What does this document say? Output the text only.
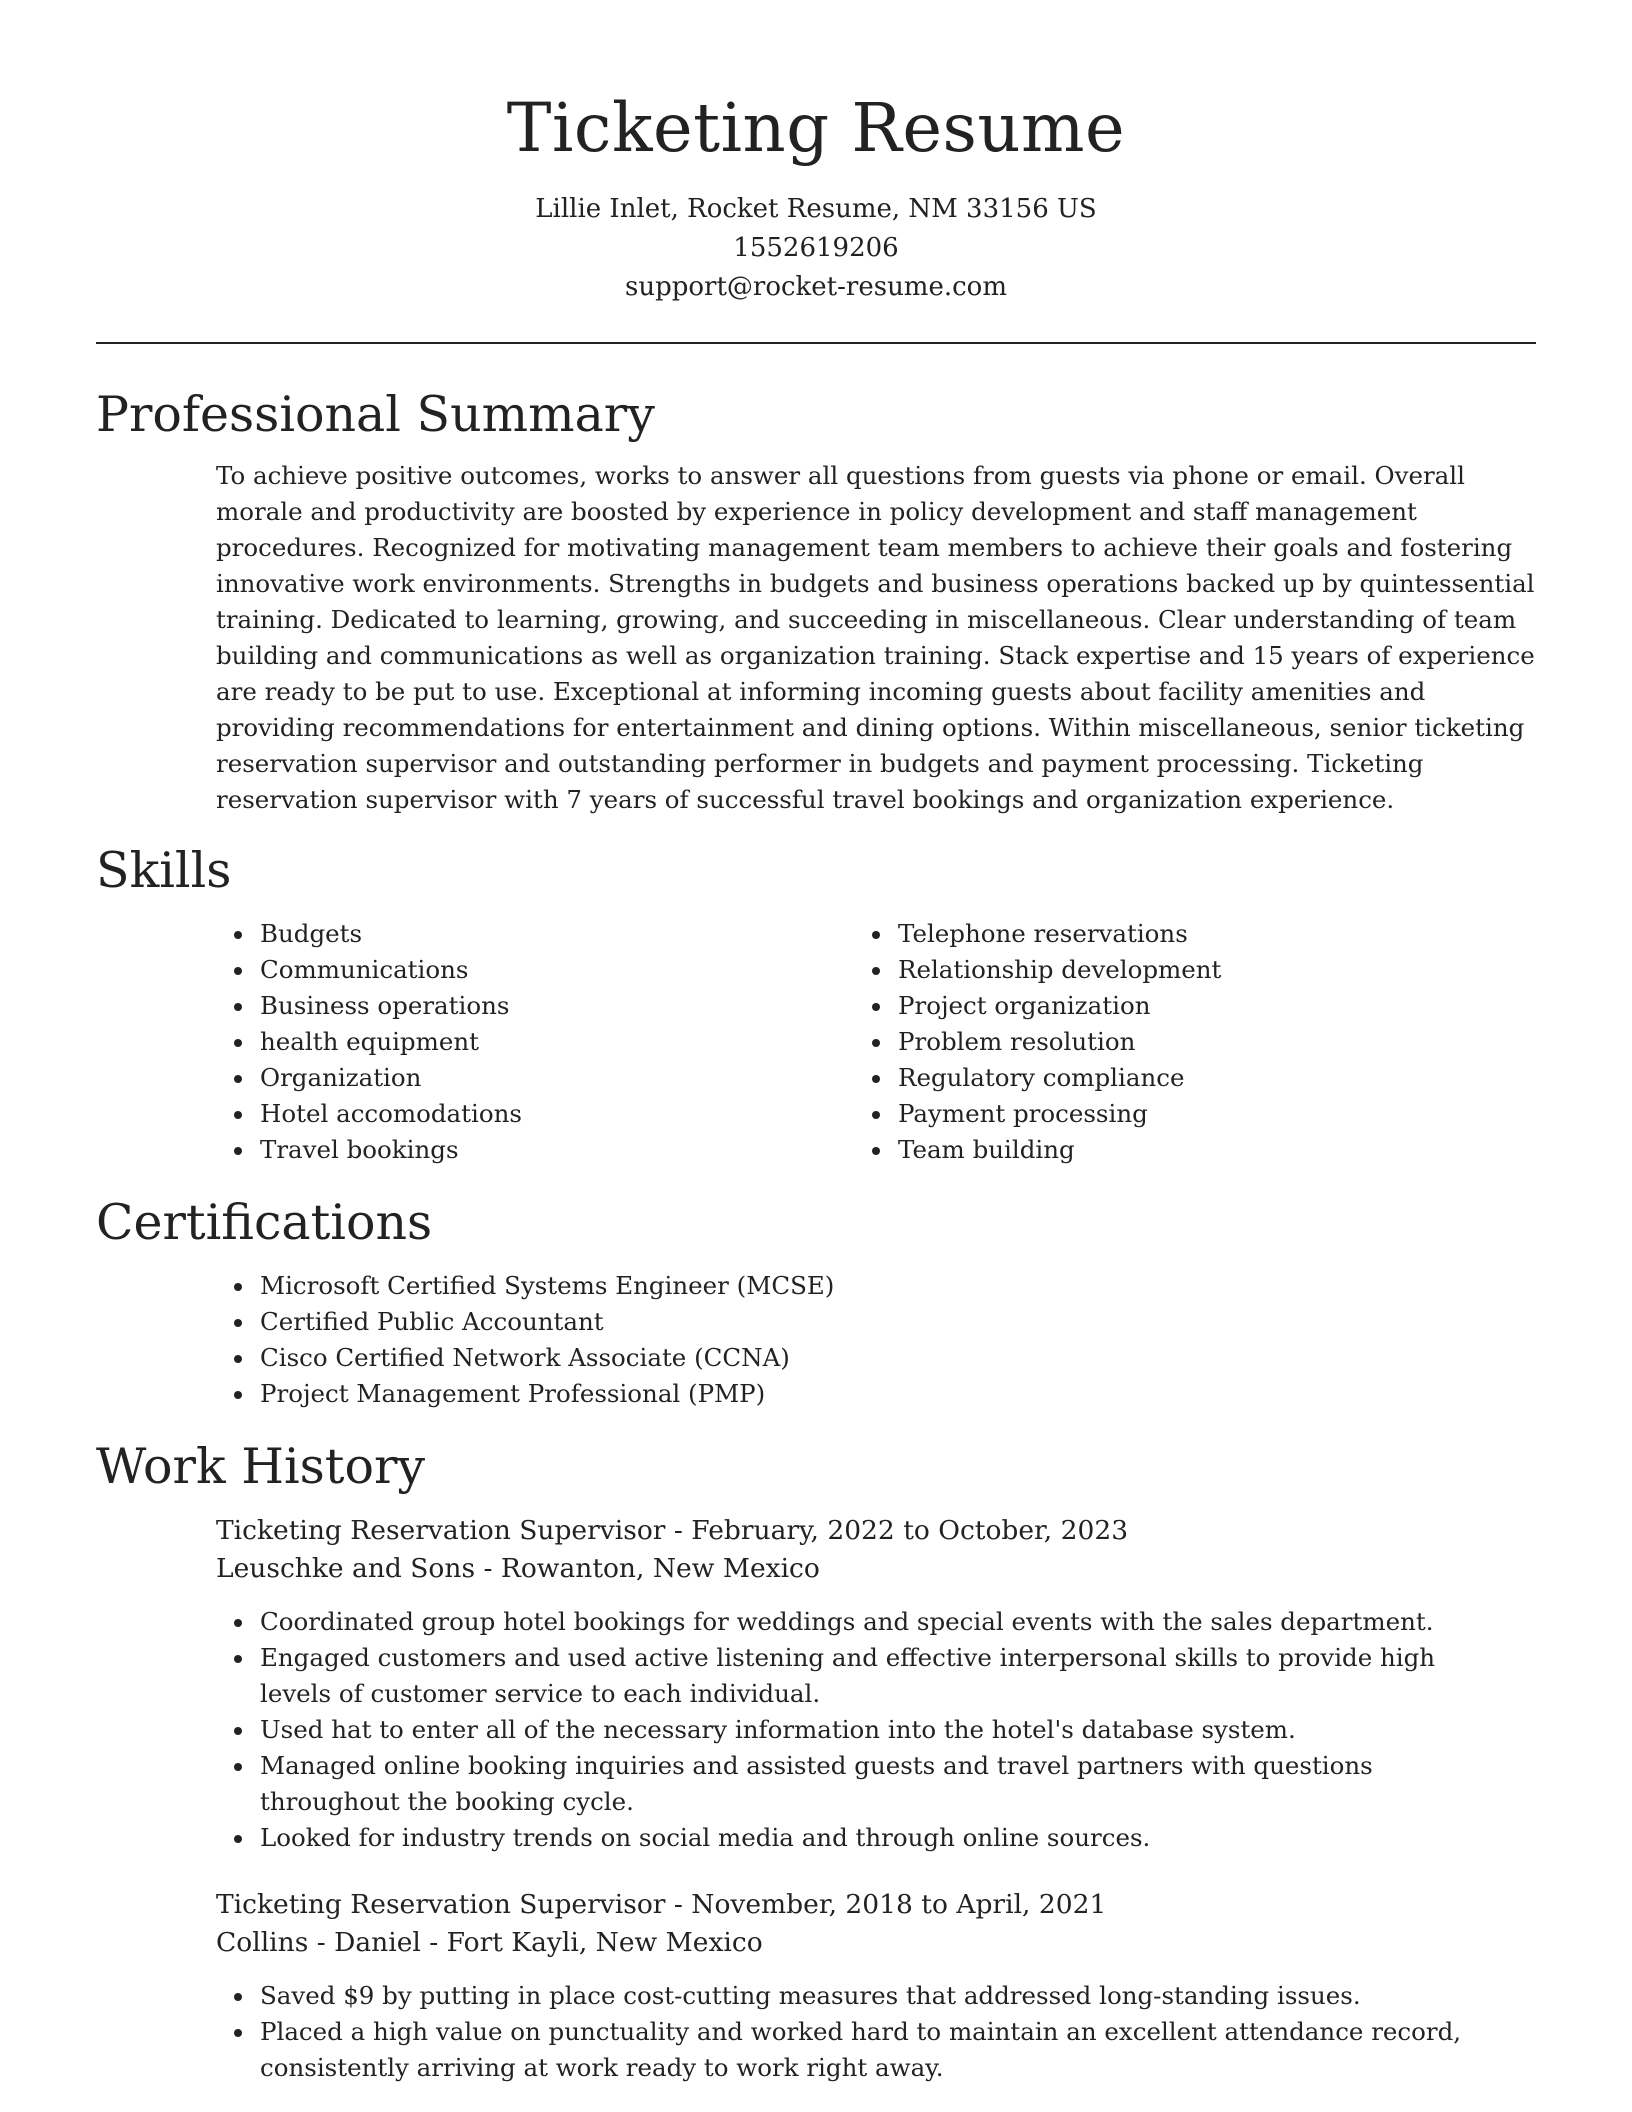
Ticketing Resume

Lillie Inlet, Rocket Resume, NM 33156 US

1552619206

support@rocket-resume.com

Professional Summary

To achieve positive outcomes, works to answer all questions from guests via phone or email. Overall morale and productivity are boosted by experience in policy development and staff management procedures. Recognized for motivating management team members to achieve their goals and fostering innovative work environments. Strengths in budgets and business operations backed up by quintessential training. Dedicated to learning, growing, and succeeding in miscellaneous. Clear understanding of team building and communications as well as organization training. Stack expertise and 15 years of experience are ready to be put to use. Exceptional at informing incoming guests about facility amenities and providing recommendations for entertainment and dining options. Within miscellaneous, senior ticketing reservation supervisor and outstanding performer in budgets and payment processing. Ticketing reservation supervisor with 7 years of successful travel bookings and organization experience.

Skills
Budgets
Communications
Business operations
health equipment
Organization
Hotel accomodations
Travel bookings
Telephone reservations
Relationship development
Project organization
Problem resolution
Regulatory compliance
Payment processing
Team building
Certifications
Microsoft Certified Systems Engineer (MCSE)
Certified Public Accountant
Cisco Certified Network Associate (CCNA)
Project Management Professional (PMP)
Work History
Ticketing Reservation Supervisor - February, 2022 to October, 2023
Leuschke and Sons - Rowanton, New Mexico
Coordinated group hotel bookings for weddings and special events with the sales department.
Engaged customers and used active listening and effective interpersonal skills to provide high levels of customer service to each individual.
Used hat to enter all of the necessary information into the hotel's database system.
Managed online booking inquiries and assisted guests and travel partners with questions throughout the booking cycle.
Looked for industry trends on social media and through online sources.
Ticketing Reservation Supervisor - November, 2018 to April, 2021
Collins - Daniel - Fort Kayli, New Mexico
Saved $9 by putting in place cost-cutting measures that addressed long-standing issues.
Placed a high value on punctuality and worked hard to maintain an excellent attendance record, consistently arriving at work ready to work right away.
